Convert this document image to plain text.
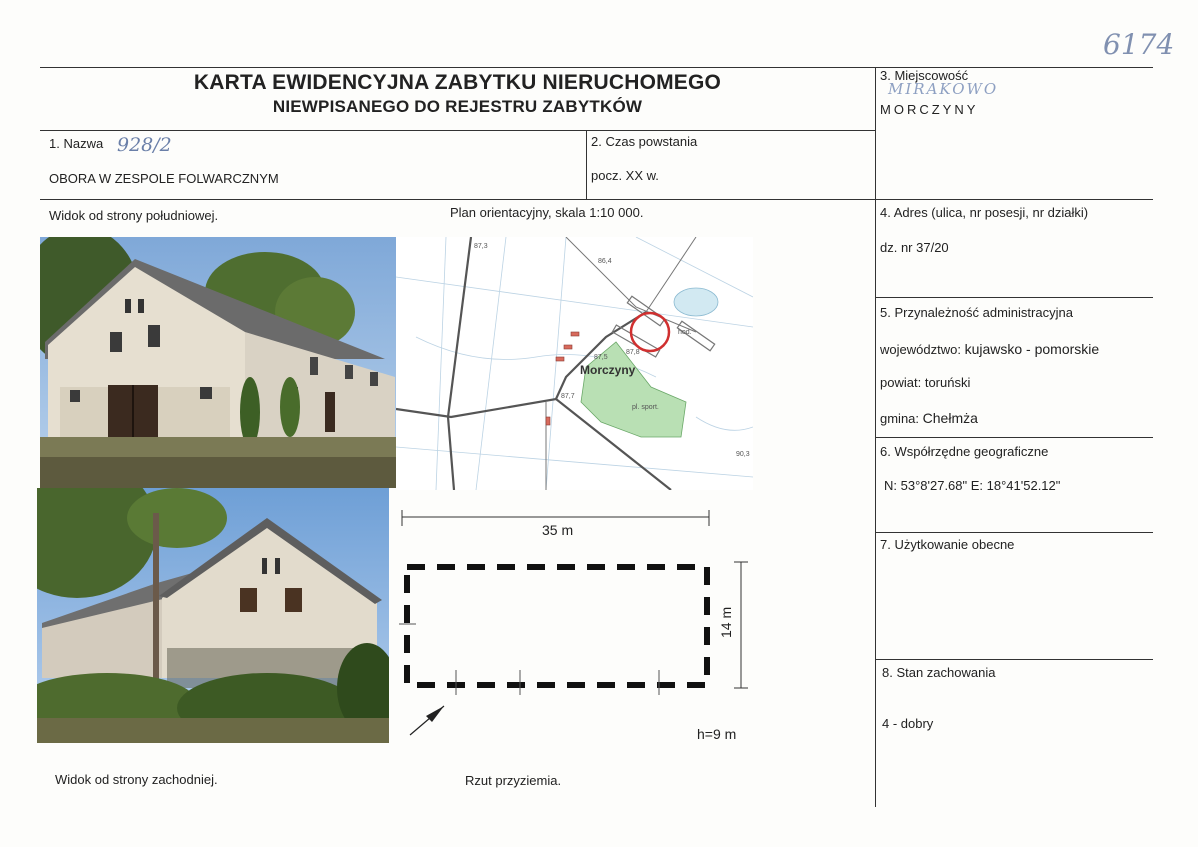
6174
KARTA EWIDENCYJNA ZABYTKU NIERUCHOMEGO
NIEWPISANEGO DO REJESTRU ZABYTKÓW
1. Nazwa 928/2
OBORA W ZESPOLE FOLWARCZNYM
2. Czas powstania
pocz. XX w.
3. Miejscowość
MIRAKOWO
MORCZYNY
4. Adres (ulica, nr posesji, nr działki)
dz. nr 37/20
5. Przynależność administracyjna
województwo: kujawsko - pomorskie
powiat: toruński
gmina: Chełmża
6. Współrzędne geograficzne
N: 53°8'27.68" E: 18°41'52.12"
7. Użytkowanie obecne
8. Stan zachowania
4 - dobry
Widok od strony południowej.	Plan orientacyjny, skala 1:10 000.
Widok od strony zachodniej.	Rzut przyziemia.
Morczyny
87,3
86,4
hod.
87,5
87,8
87,7
pl. sport.
90,3
35 m
14 m
h=9 m
